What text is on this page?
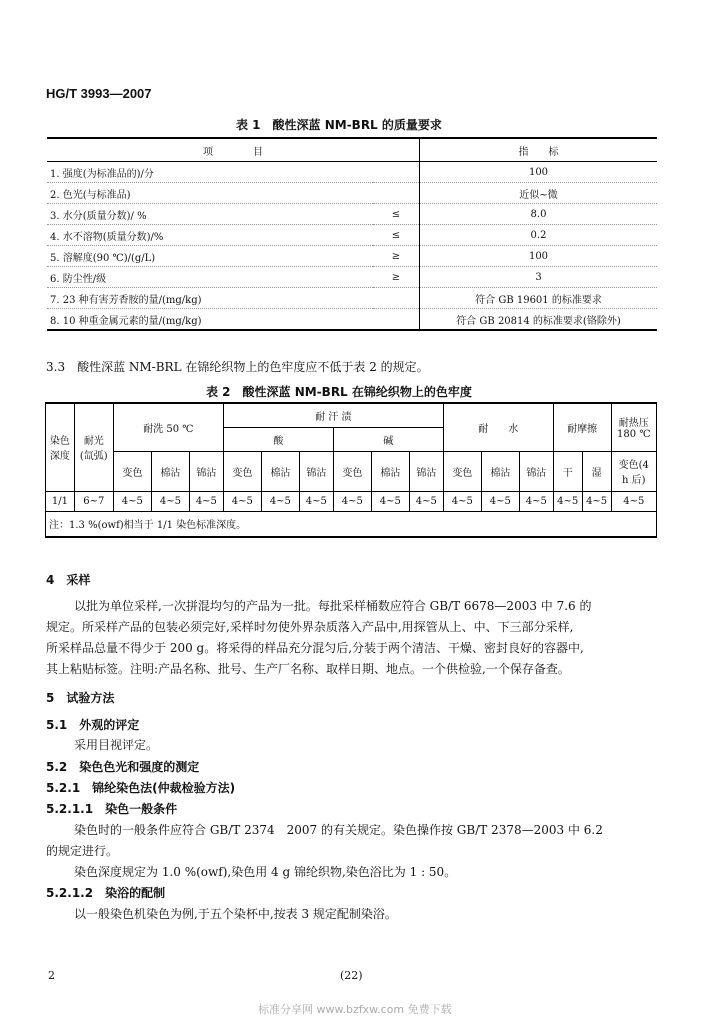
HG/T 3993—2007
表 1　酸性深蓝 NM-BRL 的质量要求
项　　　　目		指　　标
1. 强度(为标准品的)/分		100
2. 色光(与标准品)		近似~微
3. 水分(质量分数)/ %	≤	8.0
4. 水不溶物(质量分数)/%	≤	0.2
5. 溶解度(90 ℃)/(g/L)	≥	100
6. 防尘性/级	≥	3
7. 23 种有害芳香胺的量/(mg/kg)		符合 GB 19601 的标准要求
8. 10 种重金属元素的量/(mg/kg)		符合 GB 20814 的标准要求(铬除外)
3.3　酸性深蓝 NM-BRL 在锦纶织物上的色牢度应不低于表 2 的规定。
表 2　酸性深蓝 NM-BRL 在锦纶织物上的色牢度
染色深度	耐光(氙弧)	耐洗 50 ℃			耐 汗 渍						耐　　水			耐摩擦		耐热压 180 ℃
					酸			碱								
		变色	棉沾	锦沾	变色	棉沾	锦沾	变色	棉沾	锦沾	变色	棉沾	锦沾	干	湿	变色(4 h 后)
1/1	6~7	4~5	4~5	4~5	4~5	4~5	4~5	4~5	4~5	4~5	4~5	4~5	4~5	4~5	4~5	4~5
注：1.3 %(owf)相当于 1/1 染色标准深度。																
4　采样
以批为单位采样,一次拼混均匀的产品为一批。每批采样桶数应符合 GB/T 6678—2003 中 7.6 的
规定。所采样产品的包装必须完好,采样时勿使外界杂质落入产品中,用探管从上、中、下三部分采样,
所采样品总量不得少于 200 g。将采得的样品充分混匀后,分装于两个清洁、干燥、密封良好的容器中,
其上粘贴标签。注明:产品名称、批号、生产厂名称、取样日期、地点。一个供检验,一个保存备查。
5　试验方法
5.1　外观的评定
采用目视评定。
5.2　染色色光和强度的测定
5.2.1　锦纶染色法(仲裁检验方法)
5.2.1.1　染色一般条件
染色时的一般条件应符合 GB/T 2374　2007 的有关规定。染色操作按 GB/T 2378—2003 中 6.2
的规定进行。
染色深度规定为 1.0 %(owf),染色用 4 g 锦纶织物,染色浴比为 1 : 50。
5.2.1.2　染浴的配制
以一般染色机染色为例,于五个染杯中,按表 3 规定配制染浴。
2	(22)
标准分享网 www.bzfxw.com 免费下载
